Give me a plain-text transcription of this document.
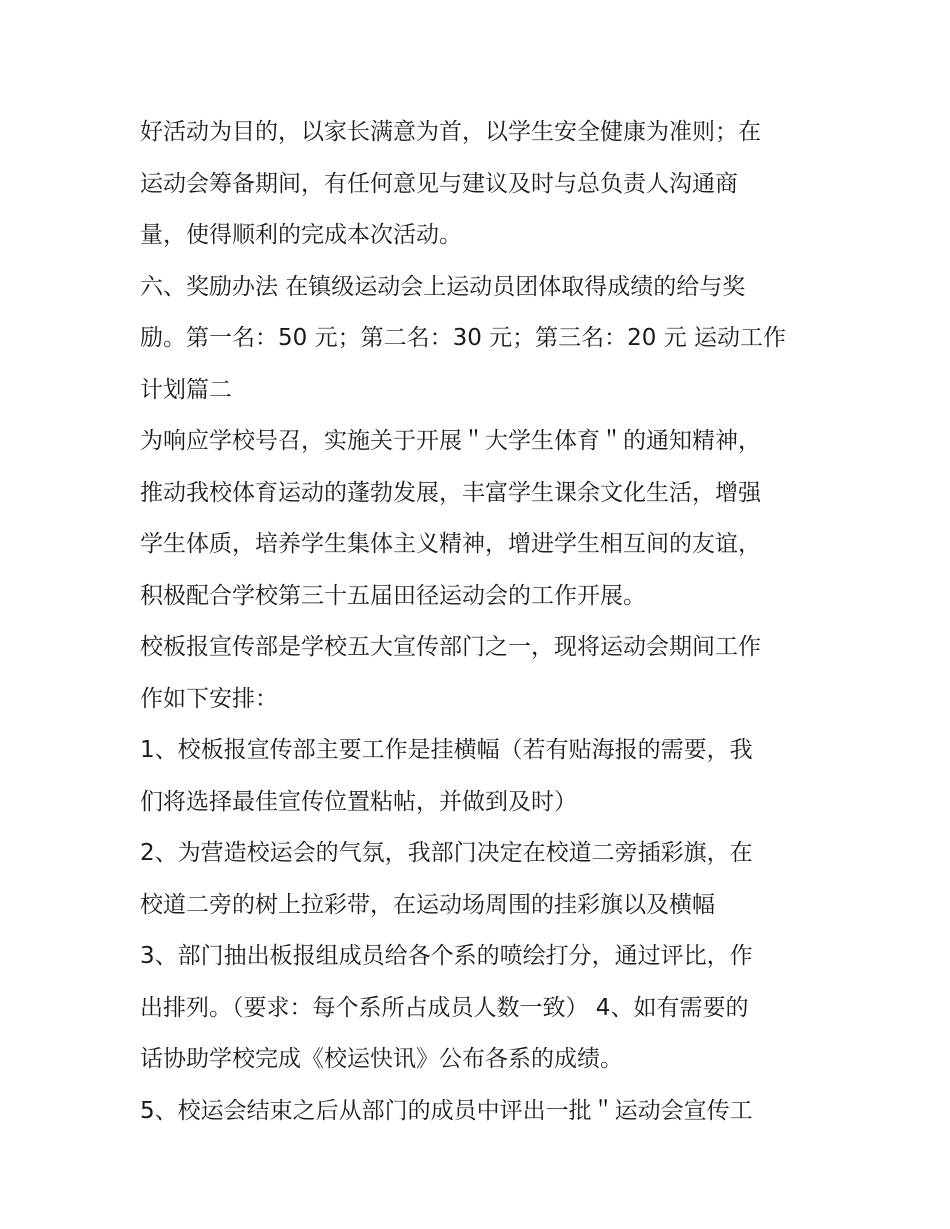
好活动为目的，以家长满意为首，以学生安全健康为准则；在
运动会筹备期间，有任何意见与建议及时与总负责人沟通商
量，使得顺利的完成本次活动。
六、奖励办法 在镇级运动会上运动员团体取得成绩的给与奖
励。第一名：50 元；第二名：30 元；第三名：20 元 运动工作
计划篇二
为响应学校号召，实施关于开展＂大学生体育＂的通知精神，
推动我校体育运动的蓬勃发展，丰富学生课余文化生活，增强
学生体质，培养学生集体主义精神，增进学生相互间的友谊，
积极配合学校第三十五届田径运动会的工作开展。
校板报宣传部是学校五大宣传部门之一，现将运动会期间工作
作如下安排：
1、校板报宣传部主要工作是挂横幅（若有贴海报的需要，我
们将选择最佳宣传位置粘帖，并做到及时）
2、为营造校运会的气氛，我部门决定在校道二旁插彩旗，在
校道二旁的树上拉彩带，在运动场周围的挂彩旗以及横幅
3、部门抽出板报组成员给各个系的喷绘打分，通过评比，作
出排列。（要求：每个系所占成员人数一致） 4、如有需要的
话协助学校完成《校运快讯》公布各系的成绩。
5、校运会结束之后从部门的成员中评出一批＂运动会宣传工
